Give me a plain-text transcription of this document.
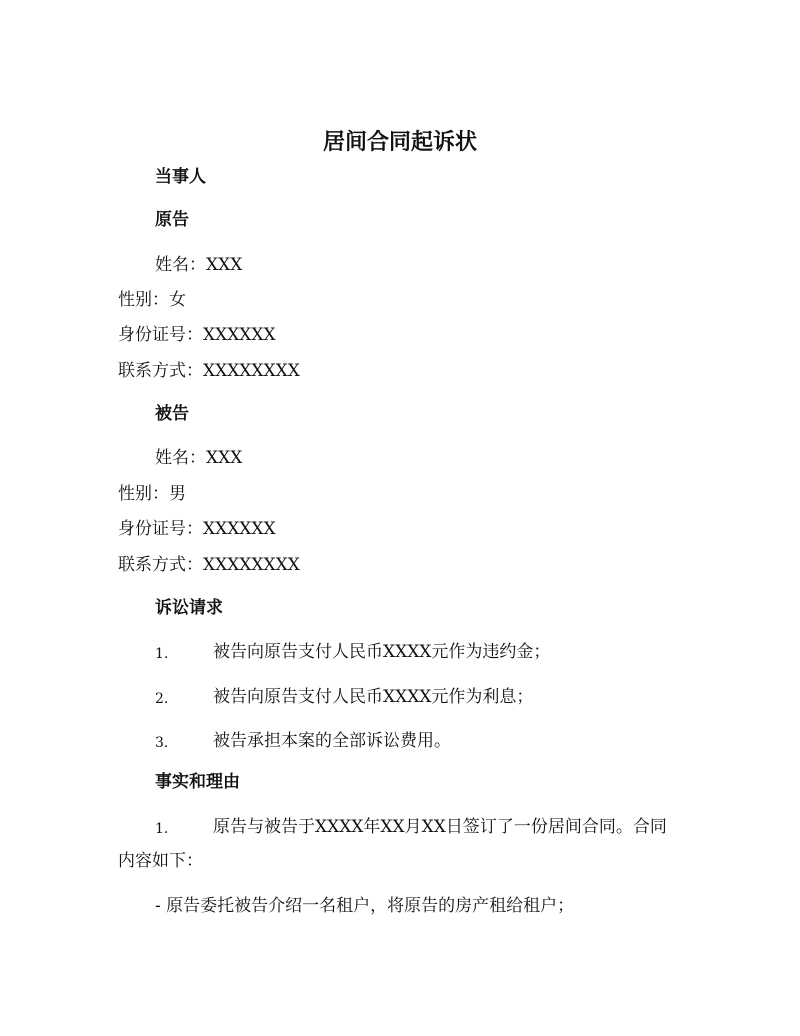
居间合同起诉状
当事人
原告
姓名：XXX
性别：女
身份证号：XXXXXX
联系方式：XXXXXXXX
被告
姓名：XXX
性别：男
身份证号：XXXXXX
联系方式：XXXXXXXX
诉讼请求
1.	被告向原告支付人民币XXXX元作为违约金；
2.	被告向原告支付人民币XXXX元作为利息；
3.	被告承担本案的全部诉讼费用。
事实和理由
1.	原告与被告于XXXX年XX月XX日签订了一份居间合同。合同
内容如下：
- 原告委托被告介绍一名租户，将原告的房产租给租户；
